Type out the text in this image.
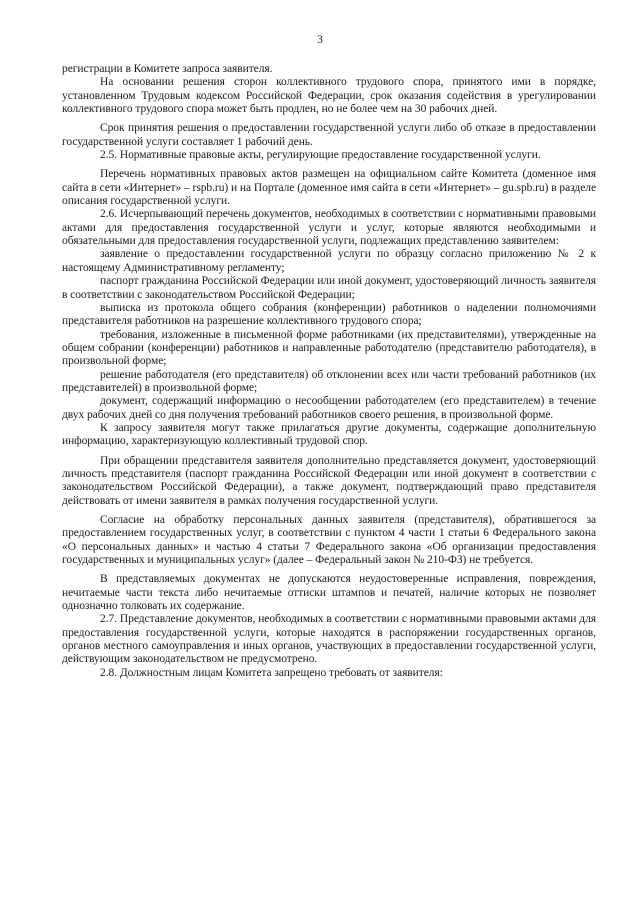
3

регистрации в Комитете запроса заявителя.

На основании решения сторон коллективного трудового спора, принятого ими в порядке, установленном Трудовым кодексом Российской Федерации, срок оказания содействия в урегулировании коллективного трудового спора может быть продлен, но не более чем на 30 рабочих дней.

Срок принятия решения о предоставлении государственной услуги либо об отказе в предоставлении государственной услуги составляет 1 рабочий день.

2.5. Нормативные правовые акты, регулирующие предоставление государственной услуги.

Перечень нормативных правовых актов размещен на официальном сайте Комитета (доменное имя сайта в сети «Интернет» – rspb.ru) и на Портале (доменное имя сайта в сети «Интернет» – gu.spb.ru) в разделе описания государственной услуги.

2.6. Исчерпывающий перечень документов, необходимых в соответствии с нормативными правовыми актами для предоставления государственной услуги и услуг, которые являются необходимыми и обязательными для предоставления государственной услуги, подлежащих представлению заявителем:

заявление о предоставлении государственной услуги по образцу согласно приложению № 2 к настоящему Административному регламенту;

паспорт гражданина Российской Федерации или иной документ, удостоверяющий личность заявителя в соответствии с законодательством Российской Федерации;

выписка из протокола общего собрания (конференции) работников о наделении полномочиями представителя работников на разрешение коллективного трудового спора;

требования, изложенные в письменной форме работниками (их представителями), утвержденные на общем собрании (конференции) работников и направленные работодателю (представителю работодателя), в произвольной форме;

решение работодателя (его представителя) об отклонении всех или части требований работников (их представителей) в произвольной форме;

документ, содержащий информацию о несообщении работодателем (его представителем) в течение двух рабочих дней со дня получения требований работников своего решения, в произвольной форме.

К запросу заявителя могут также прилагаться другие документы, содержащие дополнительную информацию, характеризующую коллективный трудовой спор.

При обращении представителя заявителя дополнительно представляется документ, удостоверяющий личность представителя (паспорт гражданина Российской Федерации или иной документ в соответствии с законодательством Российской Федерации), а также документ, подтверждающий право представителя действовать от имени заявителя в рамках получения государственной услуги.

Согласие на обработку персональных данных заявителя (представителя), обратившегося за предоставлением государственных услуг, в соответствии с пунктом 4 части 1 статьи 6 Федерального закона «О персональных данных» и частью 4 статьи 7 Федерального закона «Об организации предоставления государственных и муниципальных услуг» (далее – Федеральный закон № 210-ФЗ) не требуется.

В представляемых документах не допускаются неудостоверенные исправления, повреждения, нечитаемые части текста либо нечитаемые оттиски штампов и печатей, наличие которых не позволяет однозначно толковать их содержание.

2.7. Представление документов, необходимых в соответствии с нормативными правовыми актами для предоставления государственной услуги, которые находятся в распоряжении государственных органов, органов местного самоуправления и иных органов, участвующих в предоставлении государственной услуги, действующим законодательством не предусмотрено.

2.8. Должностным лицам Комитета запрещено требовать от заявителя:
